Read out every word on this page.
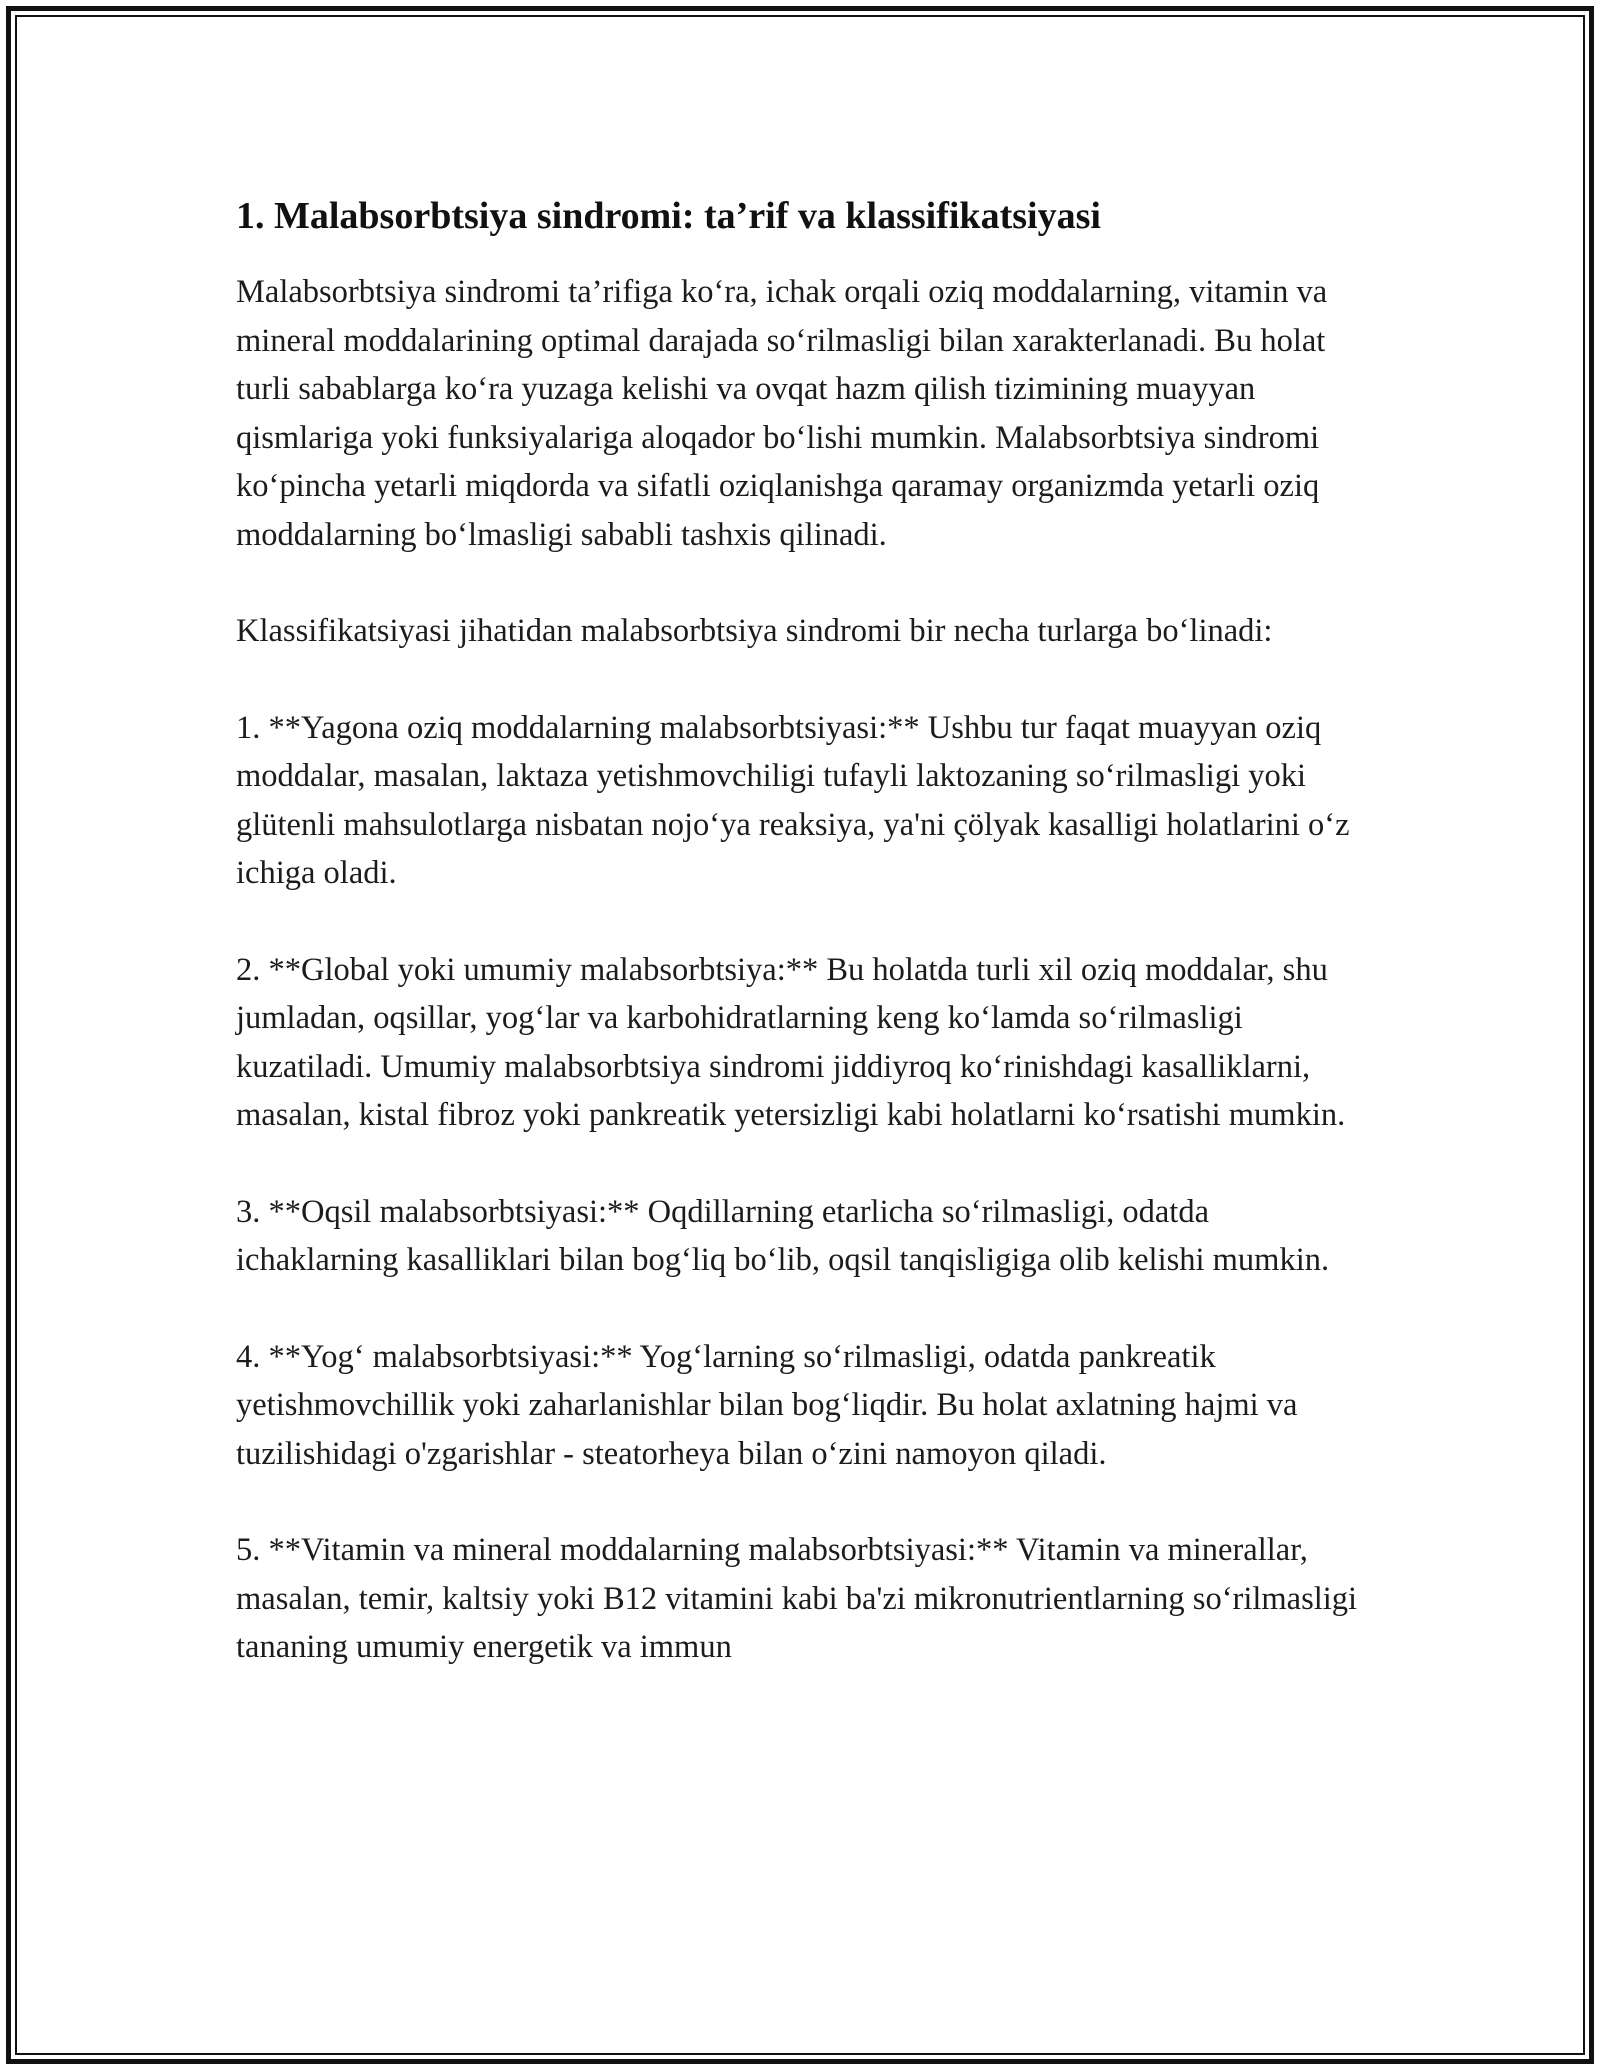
1. Malabsorbtsiya sindromi: ta’rif va klassifikatsiyasi

Malabsorbtsiya sindromi ta’rifiga ko‘ra, ichak orqali oziq moddalarning, vitamin va mineral moddalarining optimal darajada so‘rilmasligi bilan xarakterlanadi. Bu holat turli sabablarga ko‘ra yuzaga kelishi va ovqat hazm qilish tizimining muayyan qismlariga yoki funksiyalariga aloqador bo‘lishi mumkin. Malabsorbtsiya sindromi ko‘pincha yetarli miqdorda va sifatli oziqlanishga qaramay organizmda yetarli oziq moddalarning bo‘lmasligi sababli tashxis qilinadi.

Klassifikatsiyasi jihatidan malabsorbtsiya sindromi bir necha turlarga bo‘linadi:

1. **Yagona oziq moddalarning malabsorbtsiyasi:** Ushbu tur faqat muayyan oziq moddalar, masalan, laktaza yetishmovchiligi tufayli laktozaning so‘rilmasligi yoki glütenli mahsulotlarga nisbatan nojo‘ya reaksiya, ya'ni çölyak kasalligi holatlarini o‘z ichiga oladi.

2. **Global yoki umumiy malabsorbtsiya:** Bu holatda turli xil oziq moddalar, shu jumladan, oqsillar, yog‘lar va karbohidratlarning keng ko‘lamda so‘rilmasligi kuzatiladi. Umumiy malabsorbtsiya sindromi jiddiyroq ko‘rinishdagi kasalliklarni, masalan, kistal fibroz yoki pankreatik yetersizligi kabi holatlarni ko‘rsatishi mumkin.

3. **Oqsil malabsorbtsiyasi:** Oqdillarning etarlicha so‘rilmasligi, odatda ichaklarning kasalliklari bilan bog‘liq bo‘lib, oqsil tanqisligiga olib kelishi mumkin.

4. **Yog‘ malabsorbtsiyasi:** Yog‘larning so‘rilmasligi, odatda pankreatik yetishmovchillik yoki zaharlanishlar bilan bog‘liqdir. Bu holat axlatning hajmi va tuzilishidagi o'zgarishlar - steatorheya bilan o‘zini namoyon qiladi.

5. **Vitamin va mineral moddalarning malabsorbtsiyasi:** Vitamin va minerallar, masalan, temir, kaltsiy yoki B12 vitamini kabi ba'zi mikronutrientlarning so‘rilmasligi tananing umumiy energetik va immun
